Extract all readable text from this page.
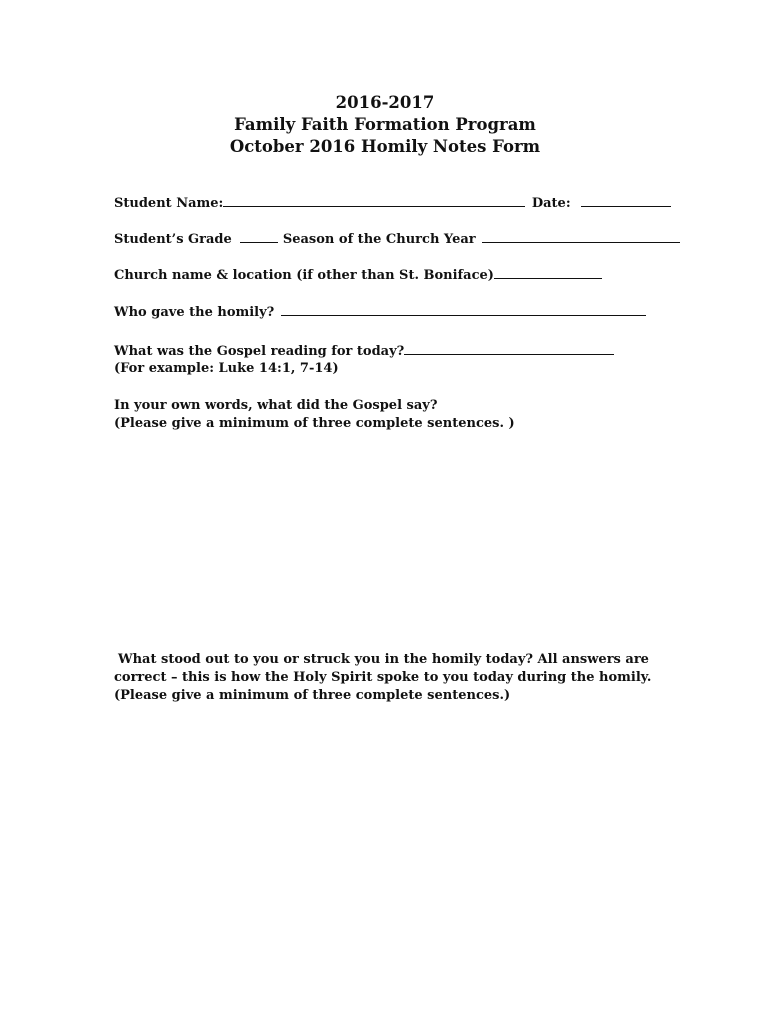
2016-2017
Family Faith Formation Program
October 2016 Homily Notes Form
Student Name:	Date:
Student’s Grade	Season of the Church Year
Church name & location (if other than St. Boniface)
Who gave the homily?
What was the Gospel reading for today?
(For example: Luke 14:1, 7-14)
In your own words, what did the Gospel say?
(Please give a minimum of three complete sentences. )
What stood out to you or struck you in the homily today? All answers are
correct – this is how the Holy Spirit spoke to you today during the homily.
(Please give a minimum of three complete sentences.)
